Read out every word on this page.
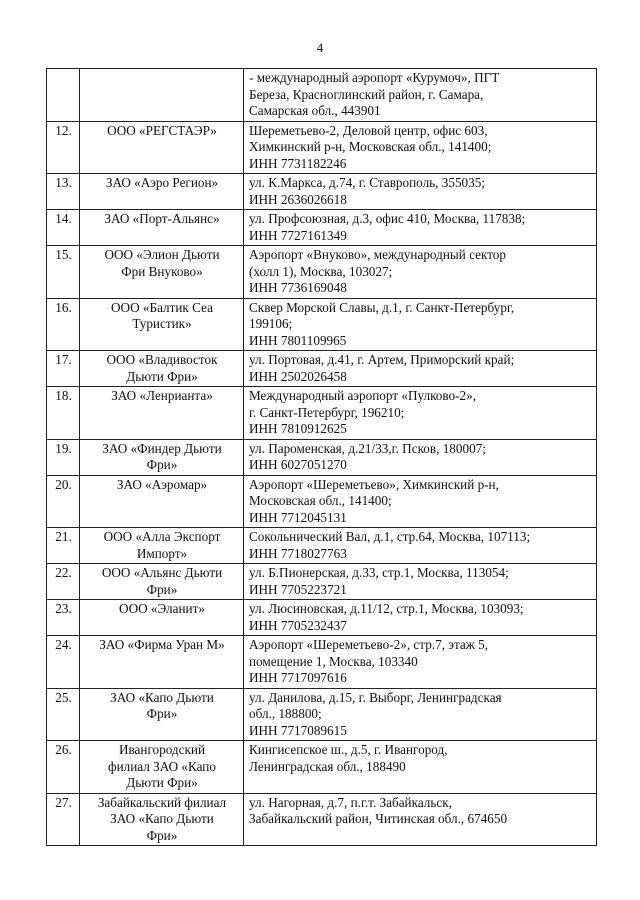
4

		- международный аэропорт «Курумоч», ПГТ
Береза, Красноглинский район, г. Самара,
Самарская обл., 443901

12.	ООО «РЕГСТАЭР»	Шереметьево-2, Деловой центр, офис 603,
Химкинский р-н, Московская обл., 141400;
ИНН 7731182246

13.	ЗАО «Аэро Регион»	ул. К.Маркса, д.74, г. Ставрополь, 355035;
ИНН 2636026618

14.	ЗАО «Порт-Альянс»	ул. Профсоюзная, д.3, офис 410, Москва, 117838;
ИНН 7727161349

15.	ООО «Элион Дьюти
Фри Внуково»	Аэропорт «Внуково», международный сектор
(холл 1), Москва, 103027;
ИНН 7736169048

16.	ООО «Балтик Сеа
Туристик»	Сквер Морской Славы, д.1, г. Санкт-Петербург,
199106;
ИНН 7801109965

17.	ООО «Владивосток
Дьюти Фри»	ул. Портовая, д.41, г. Артем, Приморский край;
ИНН 2502026458

18.	ЗАО «Ленрианта»	Международный аэропорт «Пулково-2»,
г. Санкт-Петербург, 196210;
ИНН 7810912625

19.	ЗАО «Финдер Дьюти
Фри»	ул. Пароменская, д.21/33,г. Псков, 180007;
ИНН 6027051270

20.	ЗАО «Аэромар»	Аэропорт «Шереметьево», Химкинский р-н,
Московская обл., 141400;
ИНН 7712045131

21.	ООО «Алла Экспорт
Импорт»	Сокольнический Вал, д.1, стр.64, Москва, 107113;
ИНН 7718027763

22.	ООО «Альянс Дьюти
Фри»	ул. Б.Пионерская, д.33, стр.1, Москва, 113054;
ИНН 7705223721

23.	ООО «Эланит»	ул. Люсиновская, д.11/12, стр.1, Москва, 103093;
ИНН 7705232437

24.	ЗАО «Фирма Уран М»	Аэропорт «Шереметьево-2», стр.7, этаж 5,
помещение 1, Москва, 103340
ИНН 7717097616

25.	ЗАО «Капо Дьюти
Фри»	ул. Данилова, д.15, г. Выборг, Ленинградская
обл., 188800;
ИНН 7717089615

26.	Ивангородский
филиал ЗАО «Капо
Дьюти Фри»	Кингисепское ш., д.5, г. Ивангород,
Ленинградская обл., 188490

27.	Забайкальский филиал
ЗАО «Капо Дьюти
Фри»	ул. Нагорная, д.7, п.г.т. Забайкальск,
Забайкальский район, Читинская обл., 674650
